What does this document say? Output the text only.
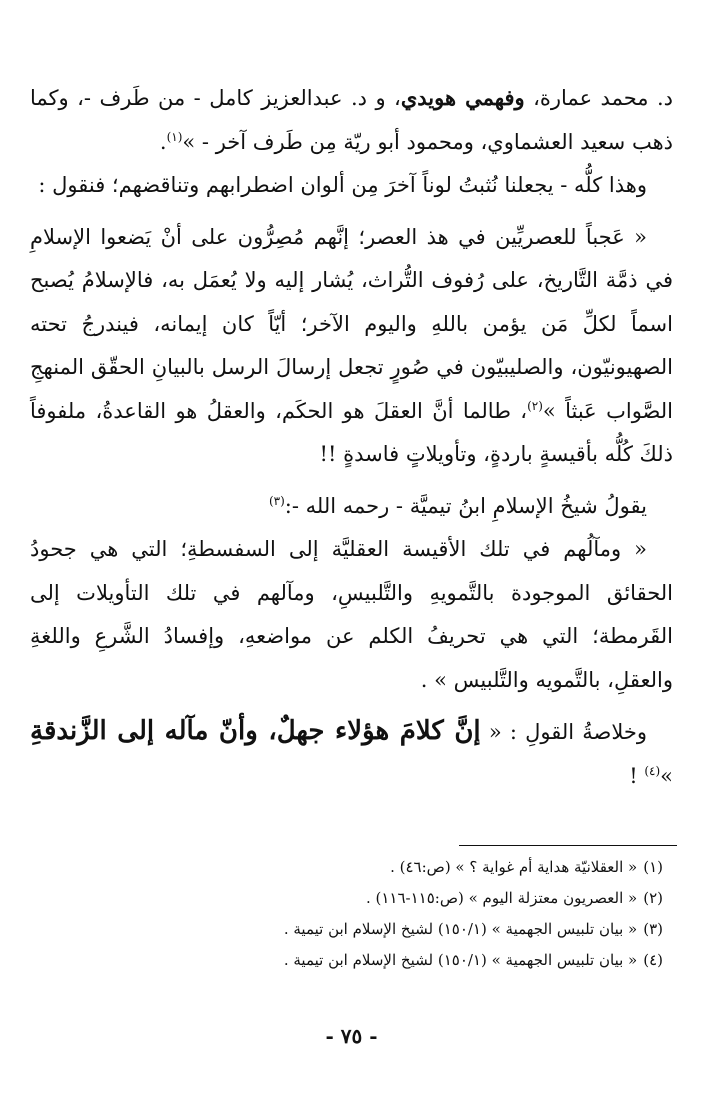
د. محمد عمارة، وفهمي هويدي، و د. عبدالعزيز كامل - من طَرف -، وكما ذهب سعيد العشماوي، ومحمود أبو ريّة مِن طَرف آخر - »$^{(١)}$.

وهذا كلُّه - يجعلنا نُثبتُ لوناً آخرَ مِن ألوان اضطرابهم وتناقضهم؛ فنقول :

« عَجباً للعصريِّين في هذ العصر؛ إنَّهم مُصِرُّون على أنْ يَضعوا الإسلامِ في ذمَّة التَّاريخ، على رُفوف التُّراث، يُشار إليه ولا يُعمَل به، فالإسلامُ يُصبح اسماً لكلِّ مَن يؤمن باللهِ واليوم الآخر؛ أيّاً كان إيمانه، فيندرجُ تحته الصهيونيّون، والصليبيّون في صُورٍ تجعل إرسالَ الرسل بالبيانِ الحقّق المنهجِ الصَّواب عَبثاً »$^{(٢)}$، طالما أنَّ العقلَ هو الحكَم، والعقلُ هو القاعدةُ، ملفوفاً ذلكَ كُلُّه بأقيسةٍ باردةٍ، وتأويلاتٍ فاسدةٍ !!

يقولُ شيخُ الإسلامِ ابنُ تيميَّة - رحمه الله -:$^{(٣)}$

« ومآلُهم في تلك الأقيسة العقليَّة إلى السفسطةِ؛ التي هي جحودُ الحقائق الموجودة بالتَّمويهِ والتَّلبيسِ، ومآلهم في تلك التأويلات إلى القَرمطة؛ التي هي تحريفُ الكلم عن مواضعهِ، وإفسادُ الشَّرعِ واللغةِ والعقلِ، بالتَّمويه والتَّلبيس » .

وخلاصةُ القولِ : « إنَّ كلامَ هؤلاء جهلٌ، وأنّ مآله إلى الزَّندقةِ »$^{(٤)}$ !

(١)« العقلانيّة هداية أم غواية ؟ » (ص:٤٦) .
(٢)« العصريون معتزلة اليوم » (ص:١١٥-١١٦) .
(٣)« بيان تلبيس الجهمية » (١٥٠/١) لشيخ الإسلام ابن تيمية .
(٤)« بيان تلبيس الجهمية » (١٥٠/١) لشيخ الإسلام ابن تيمية .
- ٧٥ -
